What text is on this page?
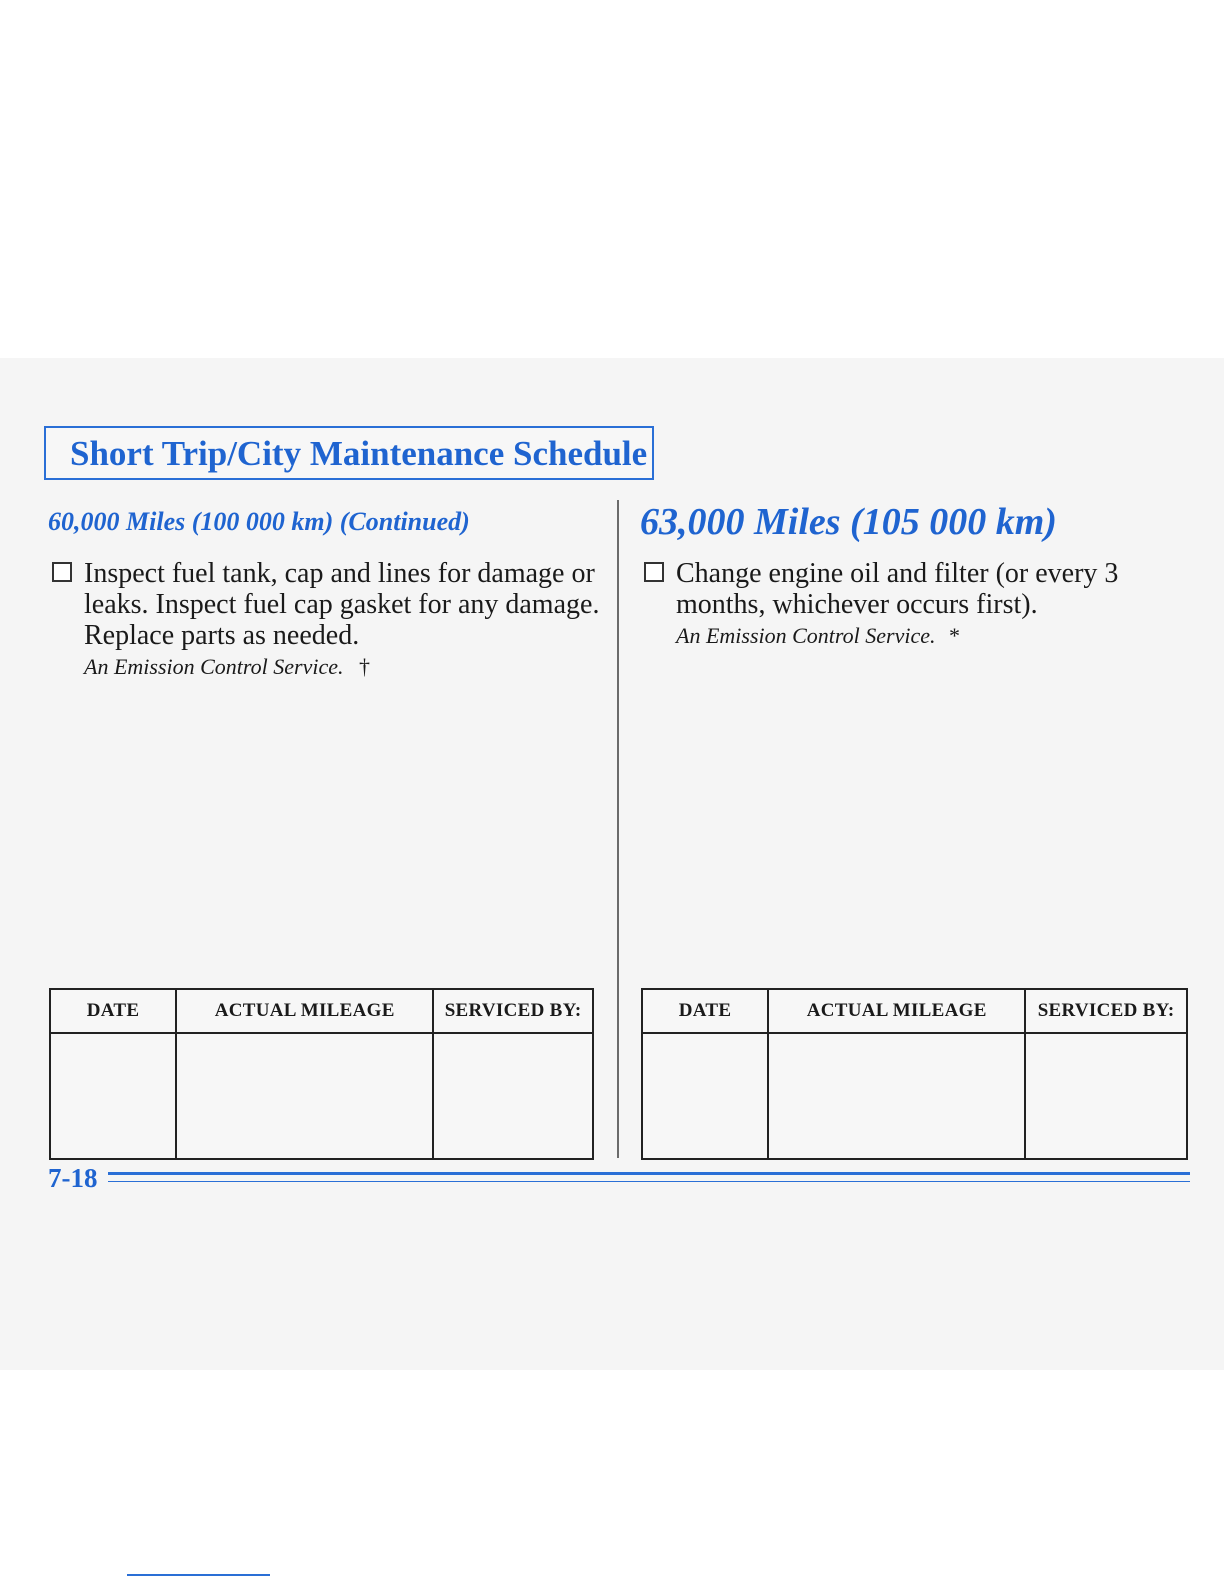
Short Trip/City Maintenance Schedule
60,000 Miles (100 000 km) (Continued)
Inspect fuel tank, cap and lines for damage or leaks. Inspect fuel cap gasket for any damage. Replace parts as needed.
An Emission Control Service. †
63,000 Miles (105 000 km)
Change engine oil and filter (or every 3 months, whichever occurs first).
An Emission Control Service. *
DATE	ACTUAL MILEAGE	SERVICED BY:
			DATE	ACTUAL MILEAGE	SERVICED BY:

7-18
